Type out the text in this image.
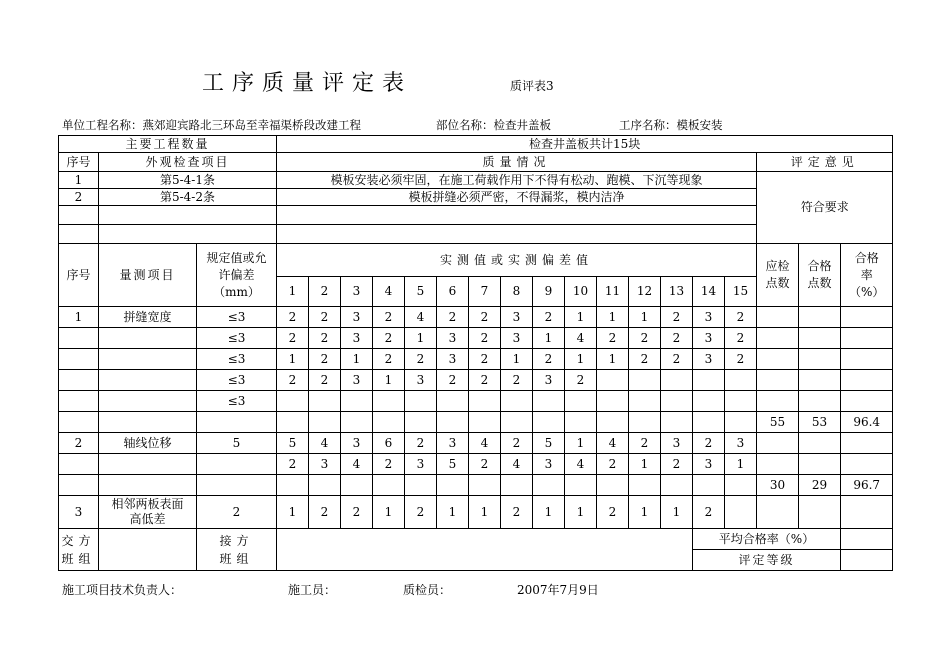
工序质量评定表	质评表3
单位工程名称：燕郊迎宾路北三环岛至幸福渠桥段改建工程	部位名称：检查井盖板	工序名称：模板安装
主要工程数量			检查井盖板共计15块																	
序号	外观检查项目		质量情况															评定意见		
1	第5-4-1条		模板安装必须牢固，在施工荷载作用下不得有松动、跑模、下沉等现象															符合要求		
2	第5-4-2条		模板拼缝必须严密，不得漏浆，模内洁净																	

序号	量测项目	规定值或允许偏差（mm）	实测值或实测偏差值															应检点数	合格点数	合格率（%）
			1	2	3	4	5	6	7	8	9	10	11	12	13	14	15			
1	拼缝宽度	≤3	2	2	3	2	4	2	2	3	2	1	1	1	2	3	2			
		≤3	2	2	3	2	1	3	2	3	1	4	2	2	2	3	2			
		≤3	1	2	1	2	2	3	2	1	2	1	1	2	2	3	2			
		≤3	2	2	3	1	3	2	2	2	3	2								
		≤3																		
																		55	53	96.4
2	轴线位移	5	5	4	3	6	2	3	4	2	5	1	4	2	3	2	3			
			2	3	4	2	3	5	2	4	3	4	2	1	2	3	1			
																		30	29	96.7
3	相邻两板表面高低差	2	1	2	2	1	2	1	1	2	1	1	2	1	1	2				
交方班组		接方班组														平均合格率（%）				
																评定等级				
施工项目技术负责人：	施工员：	质检员：	2007年7月9日
